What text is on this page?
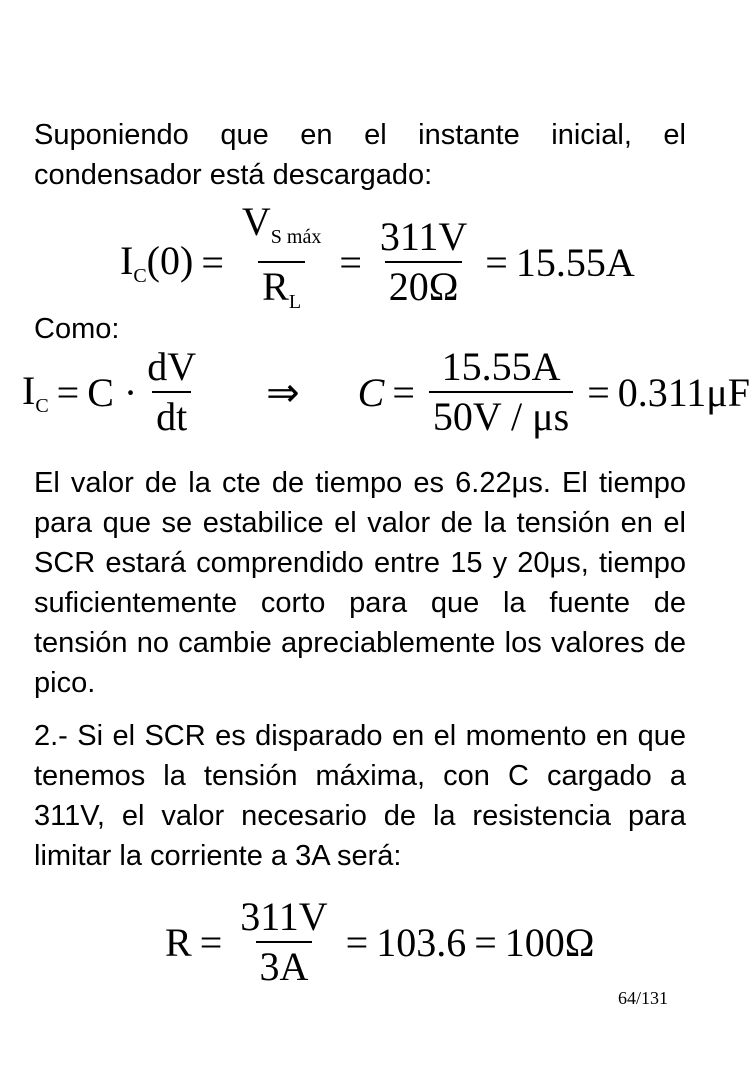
Suponiendo que en el instante inicial, el condensador está descargado:

$I_C(0) = \frac{V_{S máx}}{R_L} = \frac{311V}{20\Omega} = 15.55A$

Como:

$I_C = C \cdot \frac{dV}{dt}$ ⇒ $C = \frac{15.55A}{50V / \mu s} = 0.311\mu F$

El valor de la cte de tiempo es 6.22μs. El tiempo para que se estabilice el valor de la tensión en el SCR estará comprendido entre 15 y 20μs, tiempo suficientemente corto para que la fuente de tensión no cambie apreciablemente los valores de pico.

2.- Si el SCR es disparado en el momento en que tenemos la tensión máxima, con C cargado a 311V, el valor necesario de la resistencia para limitar la corriente a 3A será:

$R = \frac{311V}{3A} = 103.6 = 100\Omega$
64/131
